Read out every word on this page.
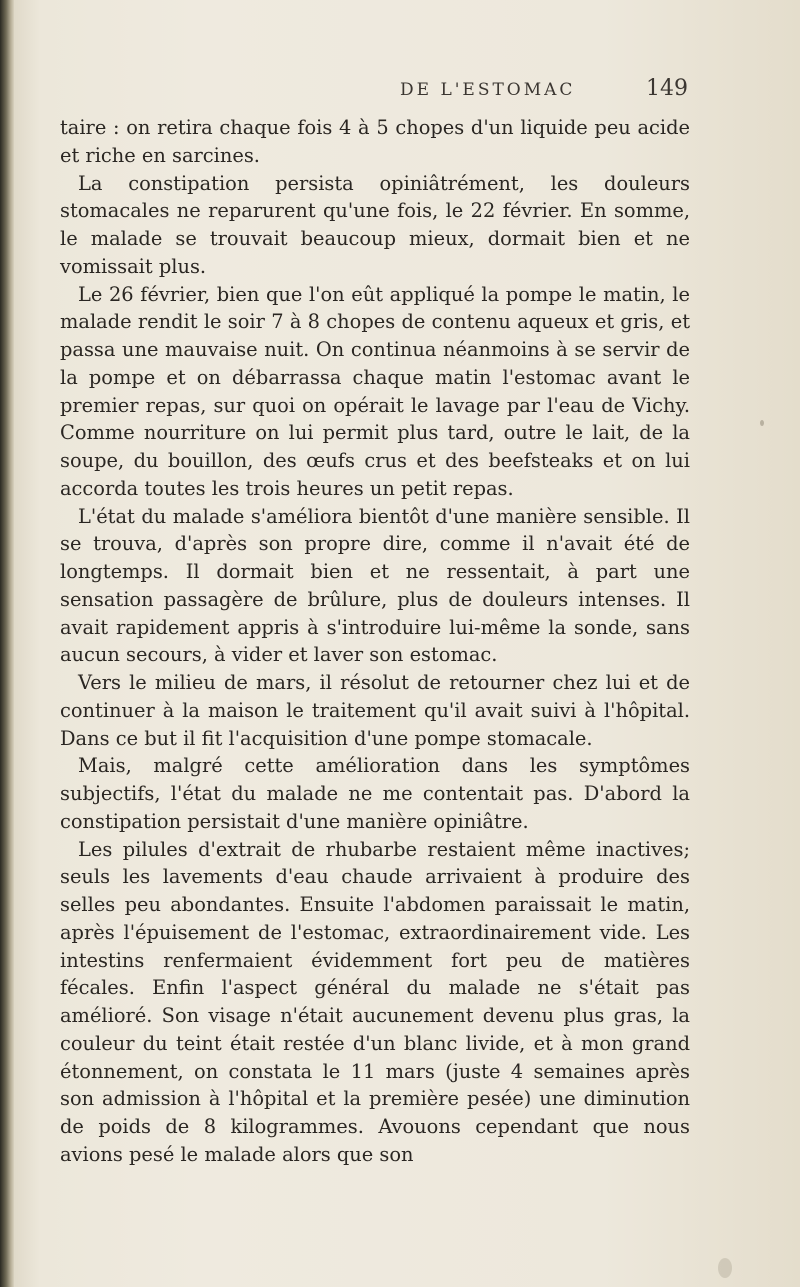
DE L'ESTOMAC	149

taire : on retira chaque fois 4 à 5 chopes d'un liquide peu acide et riche en sarcines.

La constipation persista opiniâtrément, les douleurs stomacales ne reparurent qu'une fois, le 22 février. En somme, le malade se trouvait beaucoup mieux, dormait bien et ne vomissait plus.

Le 26 février, bien que l'on eût appliqué la pompe le matin, le malade rendit le soir 7 à 8 chopes de contenu aqueux et gris, et passa une mauvaise nuit. On continua néanmoins à se servir de la pompe et on débarrassa chaque matin l'estomac avant le premier repas, sur quoi on opérait le lavage par l'eau de Vichy. Comme nourriture on lui permit plus tard, outre le lait, de la soupe, du bouillon, des œufs crus et des beefsteaks et on lui accorda toutes les trois heures un petit repas.

L'état du malade s'améliora bientôt d'une manière sensible. Il se trouva, d'après son propre dire, comme il n'avait été de longtemps. Il dormait bien et ne ressentait, à part une sensation passagère de brûlure, plus de douleurs intenses. Il avait rapidement appris à s'introduire lui-même la sonde, sans aucun secours, à vider et laver son estomac.

Vers le milieu de mars, il résolut de retourner chez lui et de continuer à la maison le traitement qu'il avait suivi à l'hôpital. Dans ce but il fit l'acquisition d'une pompe stomacale.

Mais, malgré cette amélioration dans les symptômes subjectifs, l'état du malade ne me contentait pas. D'abord la constipation persistait d'une manière opiniâtre.

Les pilules d'extrait de rhubarbe restaient même inactives; seuls les lavements d'eau chaude arrivaient à produire des selles peu abondantes. Ensuite l'abdomen paraissait le matin, après l'épuisement de l'estomac, extraordinairement vide. Les intestins renfermaient évidemment fort peu de matières fécales. Enfin l'aspect général du malade ne s'était pas amélioré. Son visage n'était aucunement devenu plus gras, la couleur du teint était restée d'un blanc livide, et à mon grand étonnement, on constata le 11 mars (juste 4 semaines après son admission à l'hôpital et la première pesée) une diminution de poids de 8 kilogrammes. Avouons cependant que nous avions pesé le malade alors que son
